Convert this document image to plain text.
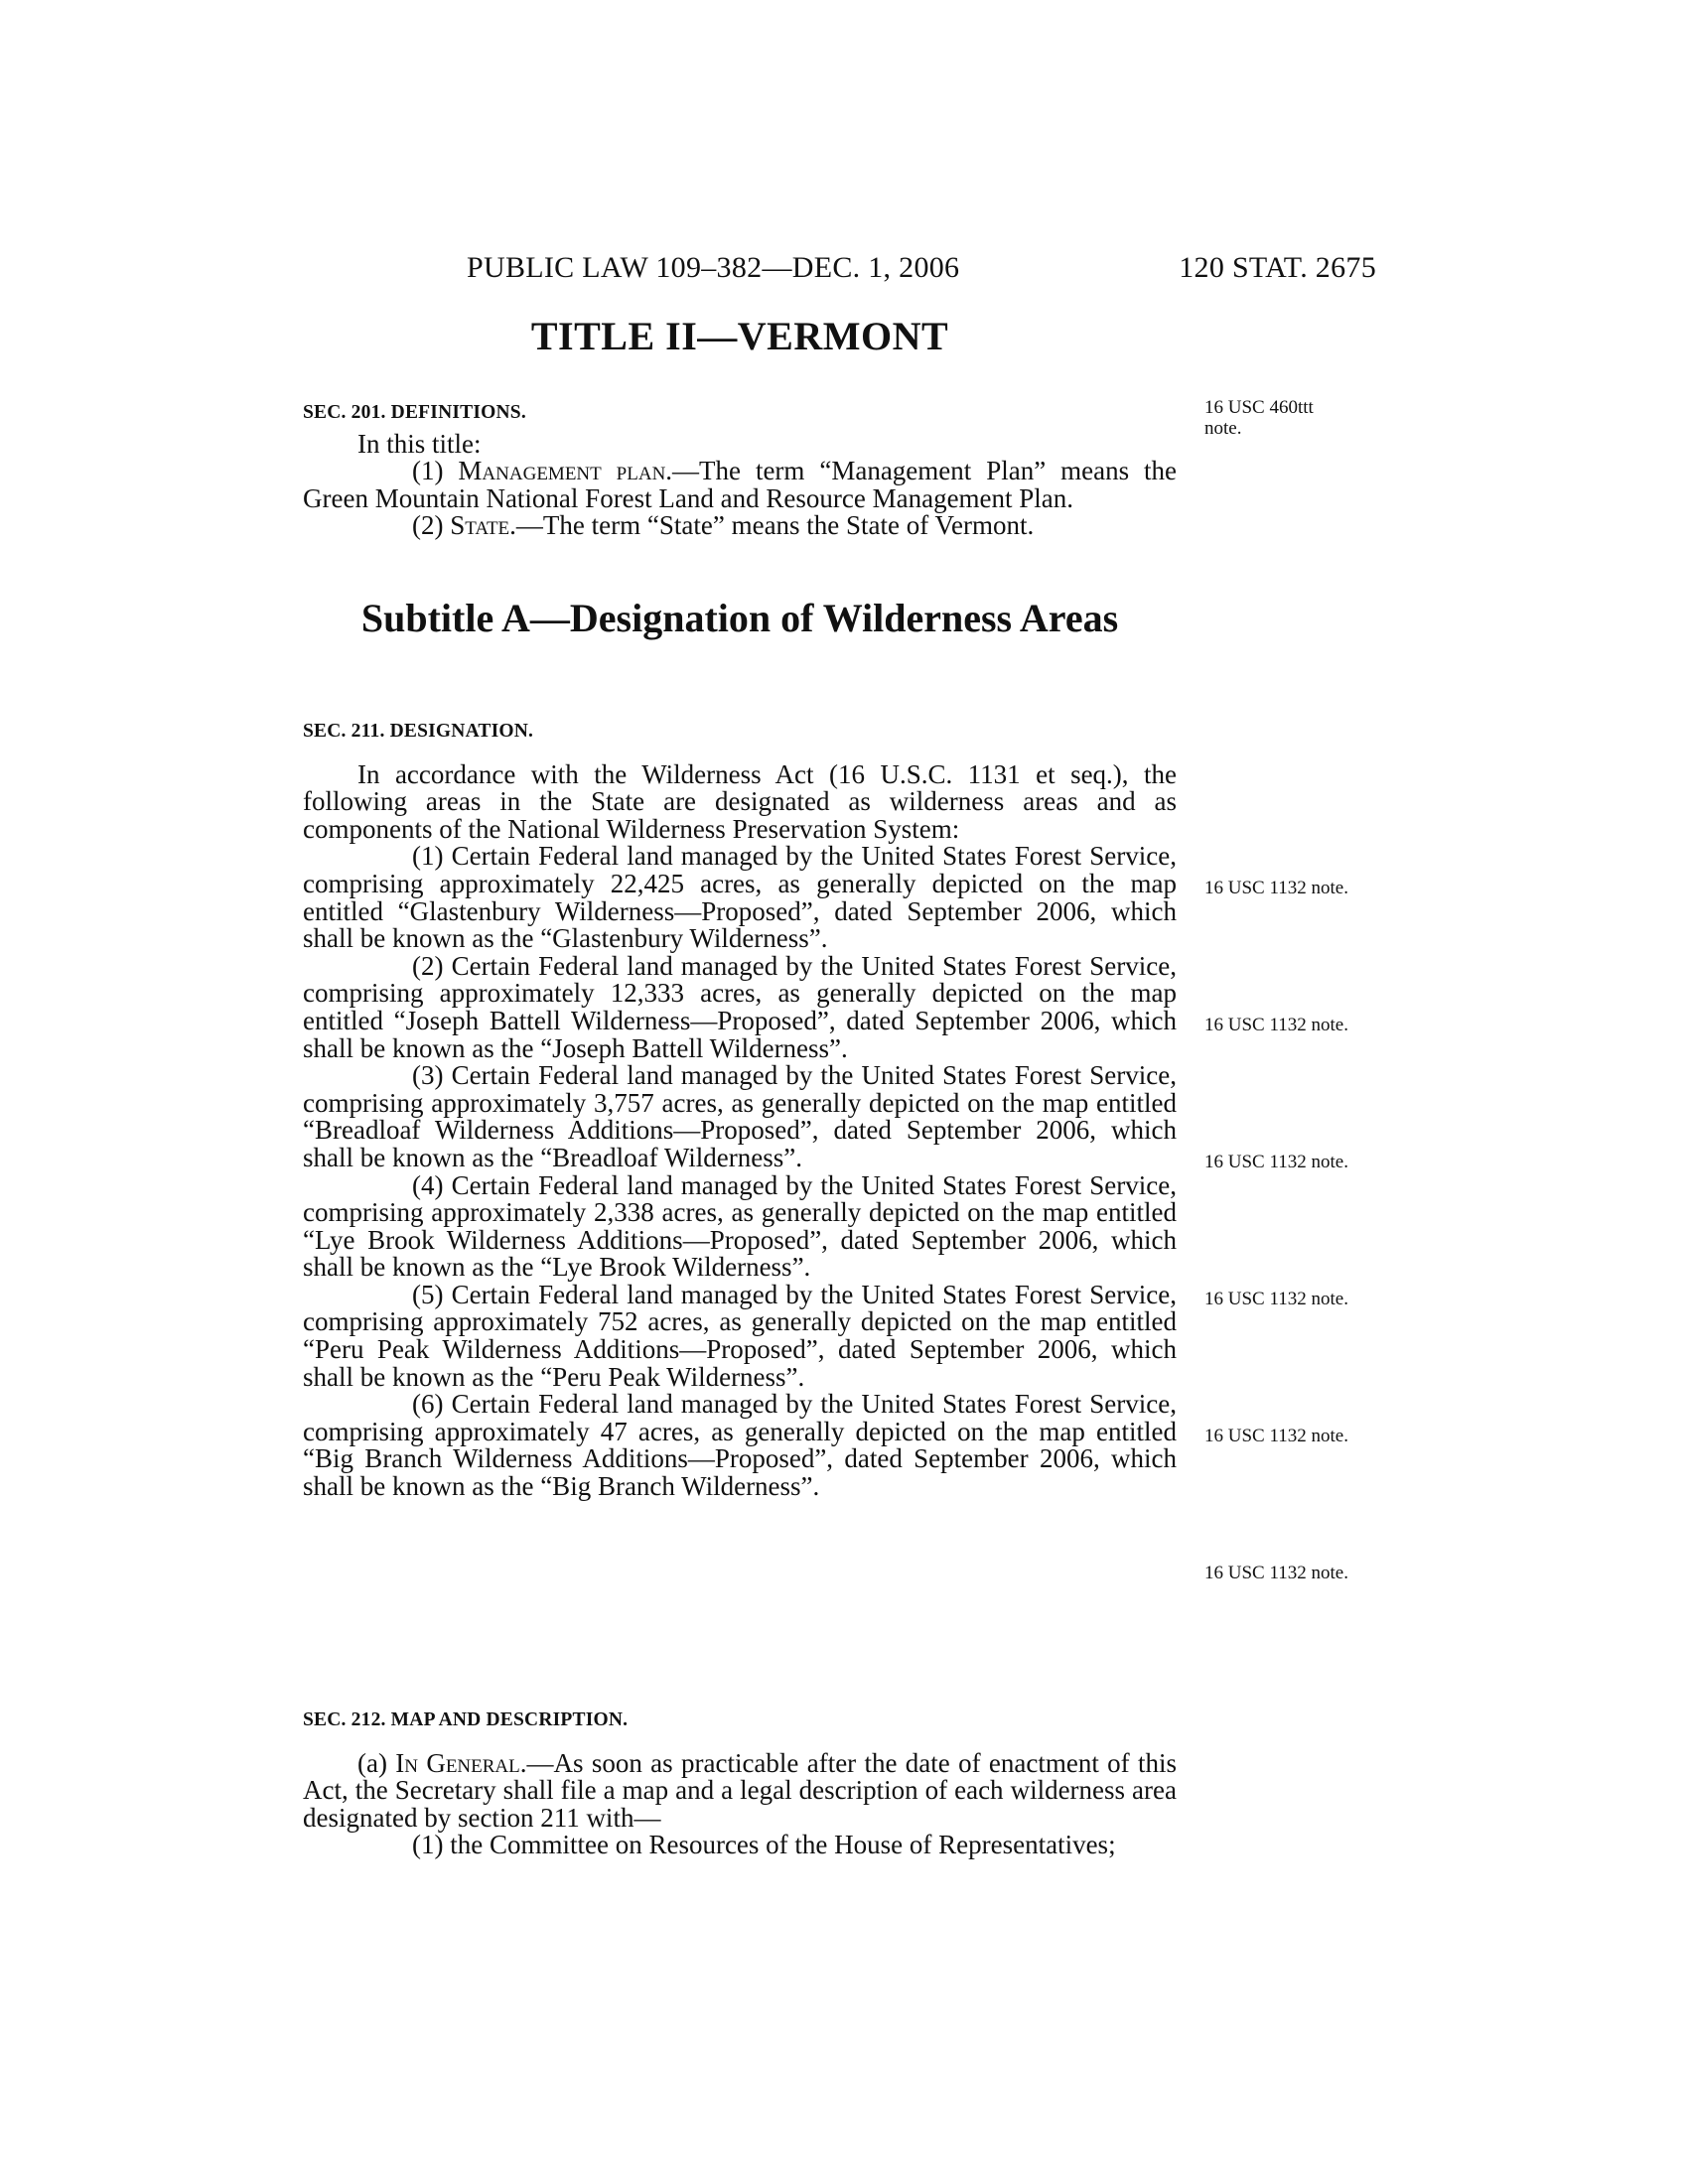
PUBLIC LAW 109–382—DEC. 1, 2006	120 STAT. 2675
TITLE II—VERMONT
SEC. 201. DEFINITIONS.

In this title:

(1) Management plan.—The term “Management Plan” means the Green Mountain National Forest Land and Resource Management Plan.

(2) State.—The term “State” means the State of Vermont.

16 USC 460ttt note.
Subtitle A—Designation of Wilderness Areas
SEC. 211. DESIGNATION.

In accordance with the Wilderness Act (16 U.S.C. 1131 et seq.), the following areas in the State are designated as wilderness areas and as components of the National Wilderness Preservation System:

(1) Certain Federal land managed by the United States Forest Service, comprising approximately 22,425 acres, as generally depicted on the map entitled “Glastenbury Wilderness—Proposed”, dated September 2006, which shall be known as the “Glastenbury Wilderness”.

(2) Certain Federal land managed by the United States Forest Service, comprising approximately 12,333 acres, as generally depicted on the map entitled “Joseph Battell Wilderness—Proposed”, dated September 2006, which shall be known as the “Joseph Battell Wilderness”.

(3) Certain Federal land managed by the United States Forest Service, comprising approximately 3,757 acres, as generally depicted on the map entitled “Breadloaf Wilderness Additions—Proposed”, dated September 2006, which shall be known as the “Breadloaf Wilderness”.

(4) Certain Federal land managed by the United States Forest Service, comprising approximately 2,338 acres, as generally depicted on the map entitled “Lye Brook Wilderness Additions—Proposed”, dated September 2006, which shall be known as the “Lye Brook Wilderness”.

(5) Certain Federal land managed by the United States Forest Service, comprising approximately 752 acres, as generally depicted on the map entitled “Peru Peak Wilderness Additions—Proposed”, dated September 2006, which shall be known as the “Peru Peak Wilderness”.

(6) Certain Federal land managed by the United States Forest Service, comprising approximately 47 acres, as generally depicted on the map entitled “Big Branch Wilderness Additions—Proposed”, dated September 2006, which shall be known as the “Big Branch Wilderness”.

16 USC 1132 note.
16 USC 1132 note.
16 USC 1132 note.
16 USC 1132 note.
16 USC 1132 note.
16 USC 1132 note.
SEC. 212. MAP AND DESCRIPTION.

(a) In General.—As soon as practicable after the date of enactment of this Act, the Secretary shall file a map and a legal description of each wilderness area designated by section 211 with—

(1) the Committee on Resources of the House of Representatives;
